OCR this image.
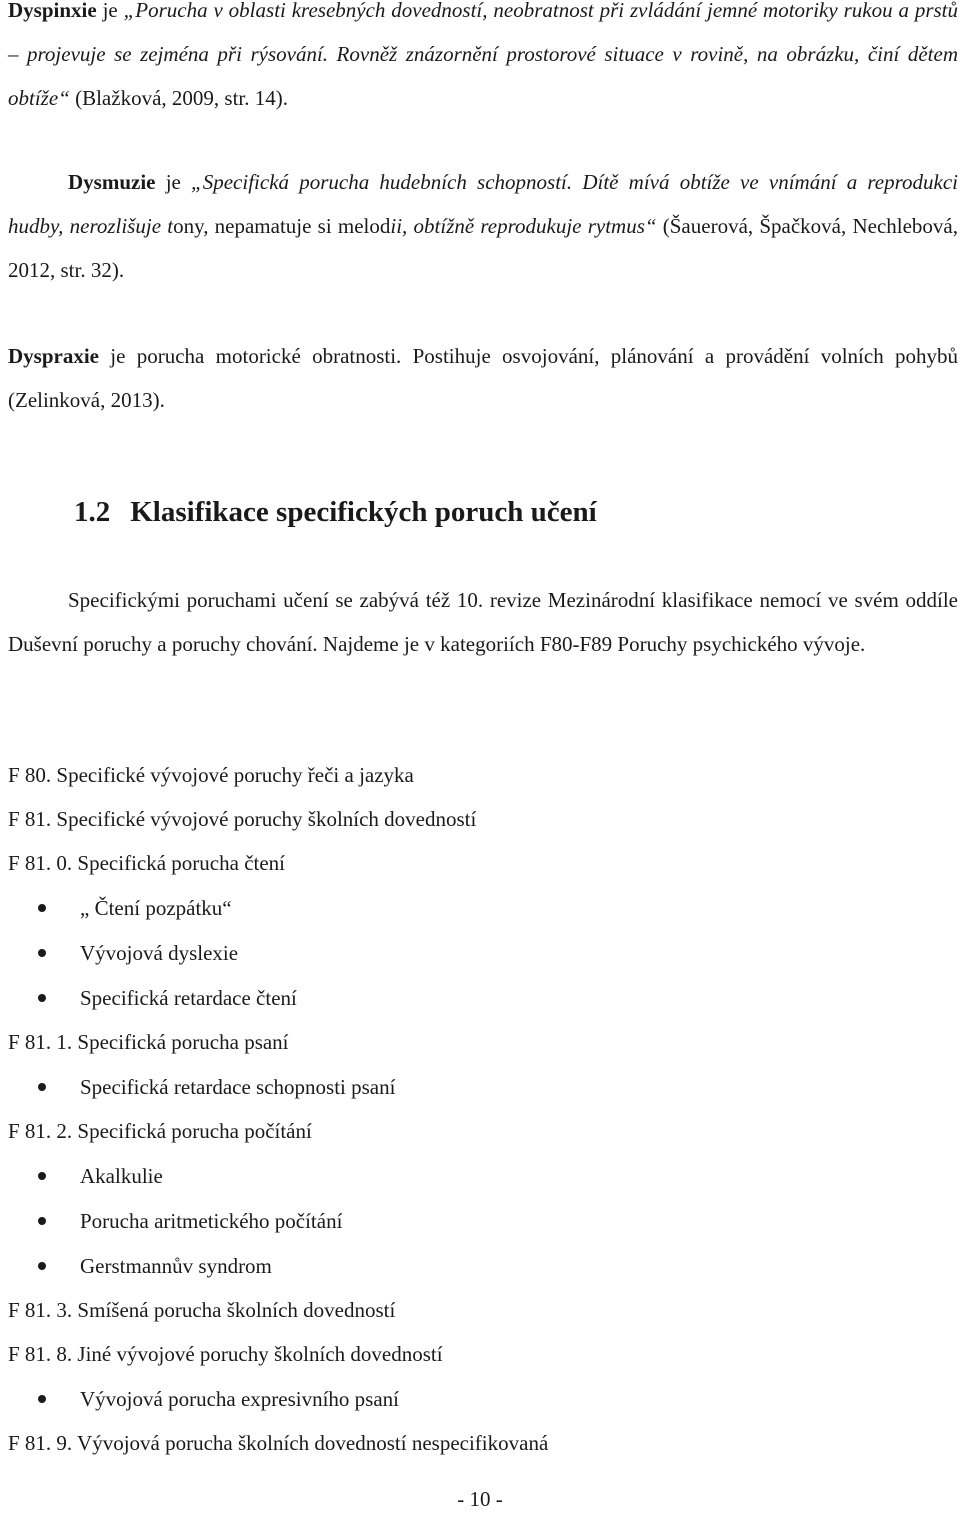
Dyspinxie je „Porucha v oblasti kresebných dovedností, neobratnost při zvládání jemné motoriky rukou a prstů – projevuje se zejména při rýsování. Rovněž znázornění prostorové situace v rovině, na obrázku, činí dětem obtíže“ (Blažková, 2009, str. 14).

Dysmuzie je „Specifická porucha hudebních schopností. Dítě mívá obtíže ve vnímání a reprodukci hudby, nerozlišuje tony, nepamatuje si melodii, obtížně reprodukuje rytmus“ (Šauerová, Špačková, Nechlebová, 2012, str. 32).

Dyspraxie je porucha motorické obratnosti. Postihuje osvojování, plánování a provádění volních pohybů (Zelinková, 2013).

1.2 Klasifikace specifických poruch učení

Specifickými poruchami učení se zabývá též 10. revize Mezinárodní klasifikace nemocí ve svém oddíle Duševní poruchy a poruchy chování. Najdeme je v kategoriích F80-F89 Poruchy psychického vývoje.

F 80. Specifické vývojové poruchy řeči a jazyka

F 81. Specifické vývojové poruchy školních dovedností

F 81. 0. Specifická porucha čtení

„ Čtení pozpátku“
Vývojová dyslexie
Specifická retardace čtení

F 81. 1. Specifická porucha psaní

Specifická retardace schopnosti psaní

F 81. 2. Specifická porucha počítání

Akalkulie
Porucha aritmetického počítání
Gerstmannův syndrom

F 81. 3. Smíšená porucha školních dovedností

F 81. 8. Jiné vývojové poruchy školních dovedností

Vývojová porucha expresivního psaní

F 81. 9. Vývojová porucha školních dovedností nespecifikovaná

- 10 -
